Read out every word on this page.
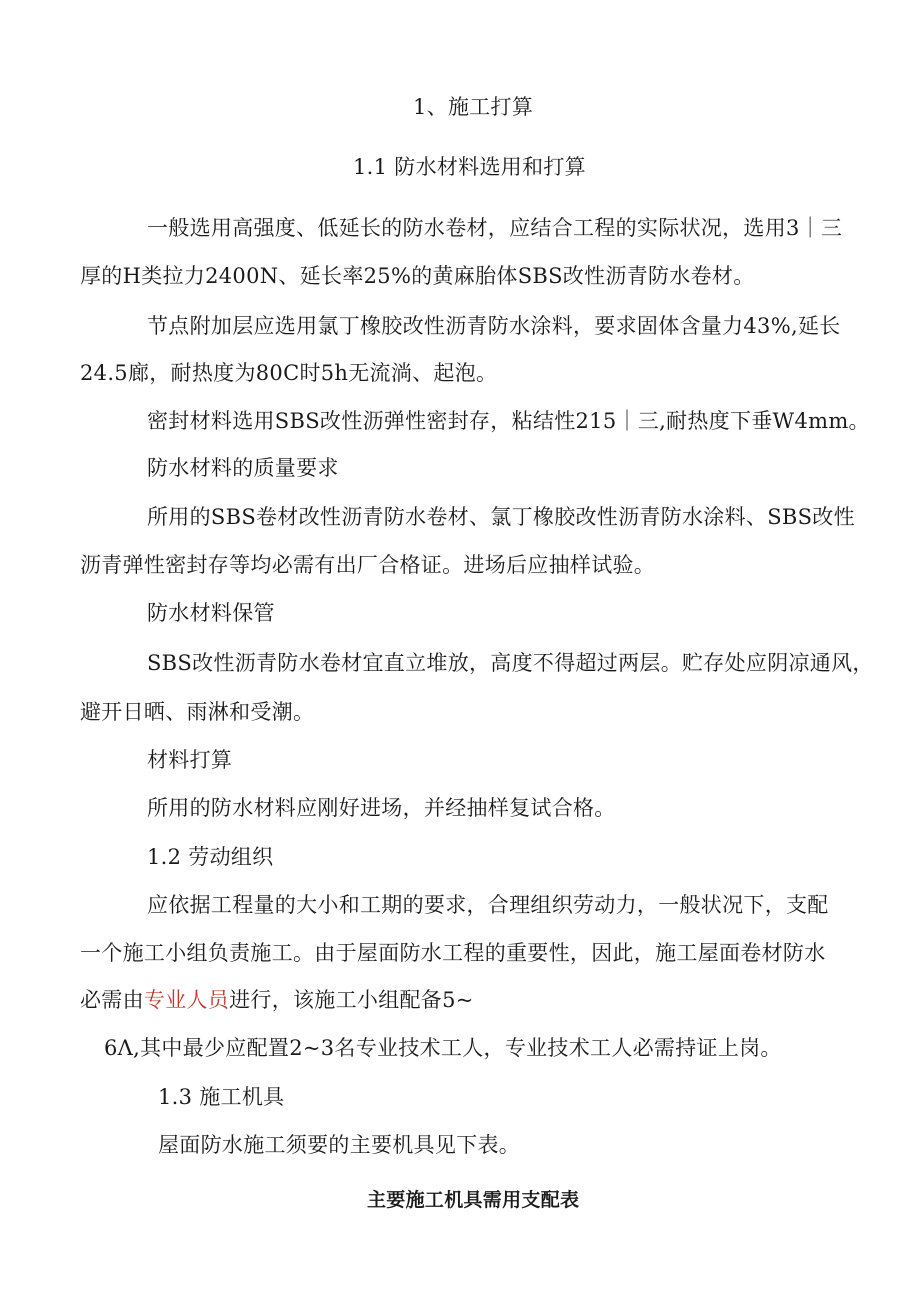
1、施工打算
1.1 防水材料选用和打算
一般选用高强度、低延长的防水卷材，应结合工程的实际状况，选用3｜三
厚的H类拉力2400N、延长率25%的黄麻胎体SBS改性沥青防水卷材。
节点附加层应选用氯丁橡胶改性沥青防水涂料，要求固体含量力43%,延长
24.5廊，耐热度为80C时5h无流淌、起泡。
密封材料选用SBS改性沥弹性密封存，粘结性215｜三,耐热度下垂W4mm。
防水材料的质量要求
所用的SBS卷材改性沥青防水卷材、氯丁橡胶改性沥青防水涂料、SBS改性
沥青弹性密封存等均必需有出厂合格证。进场后应抽样试验。
防水材料保管
SBS改性沥青防水卷材宜直立堆放，高度不得超过两层。贮存处应阴凉通风，
避开日晒、雨淋和受潮。
材料打算
所用的防水材料应刚好进场，并经抽样复试合格。
1.2 劳动组织
应依据工程量的大小和工期的要求，合理组织劳动力，一般状况下，支配
一个施工小组负责施工。由于屋面防水工程的重要性，因此，施工屋面卷材防水
必需由专业人员进行，该施工小组配备5~
6Λ,其中最少应配置2~3名专业技术工人，专业技术工人必需持证上岗。
1.3 施工机具
屋面防水施工须要的主要机具见下表。
主要施工机具需用支配表
